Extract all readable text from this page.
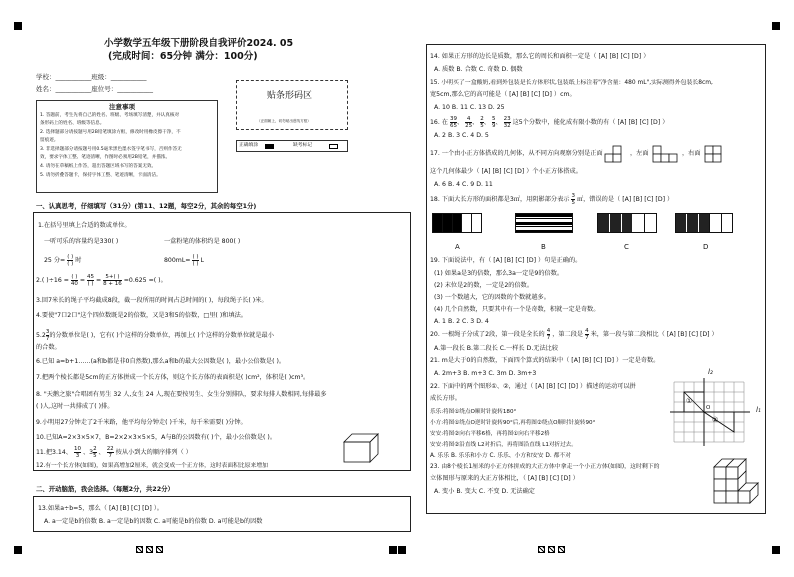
小学数学五年级下册阶段自我评价2024. 05
(完成时间：65分钟 满分：100分)
学校：___________班级：___________
姓名：___________座位号：___________
贴条形码区
（正面朝上，切勿贴出虚线方框）
注意事项
1. 答题前，考生先将自己的姓名、班级、考场填写清楚，并认真核对
条形码上的姓名、班级等信息。
2. 选择题部分请按题号用2B铅笔填涂方框，修改时用橡皮擦干净，不
留痕迹。
3. 非选择题部分请按题号用0.5毫米黑色墨水签字笔书写，否则作答无
效，要求字体工整、笔迹清晰，作图时必须用2B铅笔，并描浓。
4. 请勿在草稿纸上作答，超出答题区域书写的答案无效。
5. 请勿折叠答题卡，保持字体工整、笔迹清晰，卡面清洁。
正确填涂	缺考标记
一、认真思考，仔细填写（31分）(第11、12题，每空2分，其余的每空1分)
1.在括号里填上合适的数或单位。
一听可乐的容量约是330( )	一盒粉笔的体积约是 800( )
25 分= $\frac{( )}{( )}$ 时	$800mL= \frac{( )}{( )}$ L
2.( )$\div 16 = \frac{( )}{40} = \frac{45}{( )} = \frac{5+( )}{8 + 16} =0.625$ =( )。
3.回7米长的绳子平均截成8段，截一段所用的时间占总时间的( )，每段绳子长( )米。
4.要使"7口2口"这个四位数既是2的倍数，又是3和5的倍数，□里( )和填法。
$5.2 \frac{3}{7}$ 的分数单位是( )，它有( )个这样的分数单位，再加上( )个这样的分数单位就是最小
的合数。
6.已知 a=b+1……(a和b都是非0自然数),那么a和b的最大公因数是( )，最小公倍数是( )。
7.把两个棱长都是5cm的正方体拼成一个长方体，则这个长方体的表面积是( )cm²，体积是( )cm³。
8. "天鹅之旅"合唱团有男生 32 人,女生 24 人,现在要按男生、女生分别排队，要求每排人数相同,每排最多
( )人,这时一共排成了( )排。
9.小明用27分钟走了2千米路，他平均每分钟走( )千米，每千米需要( )分钟。
10.已知A=2×3×5×7，B=2×2×3×5×5，A与B的公因数有( )个，最小公倍数是( )。
11.把3.14、 $\frac{10}{3}$ 、$3 \frac{2}{5}$ 、 $\frac{22}{7}$ 按从小到大的顺序排列（ ）
12.有一个长方体(如图)，如果高增加2厘米，就会变成一个正方体，这时表面积比原来增加
二、开动脑筋，我会选择。（每题2分，共22分）
13.如果a÷b=5，那么（ [A] [B] [C] [D] ）。
A. a一定是b的倍数 B. a一定是b的因数 C. a可能是b的倍数 D. a可能是b的因数
14. 如果正方形的边长是质数，那么它的周长和面积一定是（ [A] [B] [C] [D] ）
A. 质数 B. 合数 C. 奇数 D. 偶数
15. 小明买了一盒酸奶,看到外包装是长方体形状,包装纸上标注着"净含量：480 mL",实际测得外包装长8cm,
宽5cm,那么它的高可能是（ [A] [B] [C] [D] ）cm。
A. 10 B. 11 C. 13 D. 25
16. 在 $\frac{39}{65}$ 、 $\frac{4}{25}$ 、 $\frac{2}{5}$ 、 $\frac{5}{9}$ 、 $\frac{23}{32}$ 这5个分数中，能化成有限小数的有（ [A] [B] [C] [D] ）
A. 2 B. 3 C. 4 D. 5
17. 一个由小正方体搭成的几何体，从不同方向观察分别是正面	，左面	，右面
这个几何体最少（ [A] [B] [C] [D] ）个小正方体搭成。
A. 6 B. 4 C. 9 D. 11
18. 下面大长方形的面积都是3㎡，用阴影部分表示 $\frac{3}{5}$ ㎡，错误的是（ [A] [B] [C] [D] ）
A	B	C	D
19. 下面说法中，有（ [A] [B] [C] [D] ）句是正确的。
(1) 如果a是3的倍数，那么3a一定是9的倍数。
(2) 末位是2的数，一定是2的倍数。
(3) 一个数越大，它的因数的个数就越多。
(4) 几个自然数，只要其中有一个是奇数，积就一定是奇数。
A. 1 B. 2 C. 3 D. 4
20. 一根绳子分成了2段，第一段是全长的 $\frac{4}{7}$ ，第二段是 $\frac{4}{7}$ 米，第一段与第二段相比（ [A] [B] [C] [D] ）
A.第一段长 B.第二段长 C.一样长 D.无法比较
21. m是大于0的自然数，下面四个算式的结果中（ [A] [B] [C] [D] ）一定是奇数。
A. 2m+3 B. m+3 C. 3m D. 3m+3
22. 下面中的两个图形①、②，通过（ [A] [B] [C] [D] ）描述的运动可以拼
成长方形。
乐乐:将图①绕点O顺时针旋转180°
小方:将图①绕点O逆时针旋转90°后,再将图②绕点O顺时针旋转90°
安安:将图②向右平移6格，再将图①向右平移2格
安安:将图②沿直线 L2对折后，再将图沿直线 L1对折过去。
A. 乐乐 B. 乐乐和小方 C. 乐乐、小方和安安 D. 都不对
l₂
l₁
①
②
O
23. 由8个棱长1厘米的小正方体拼成的大正方体中拿走一个小正方体(如图)，这时剩下的
立体图形与原来的大正方体相比，（ [A] [B] [C] [D] ）
A. 变小 B. 变大 C. 不变 D. 无法确定
